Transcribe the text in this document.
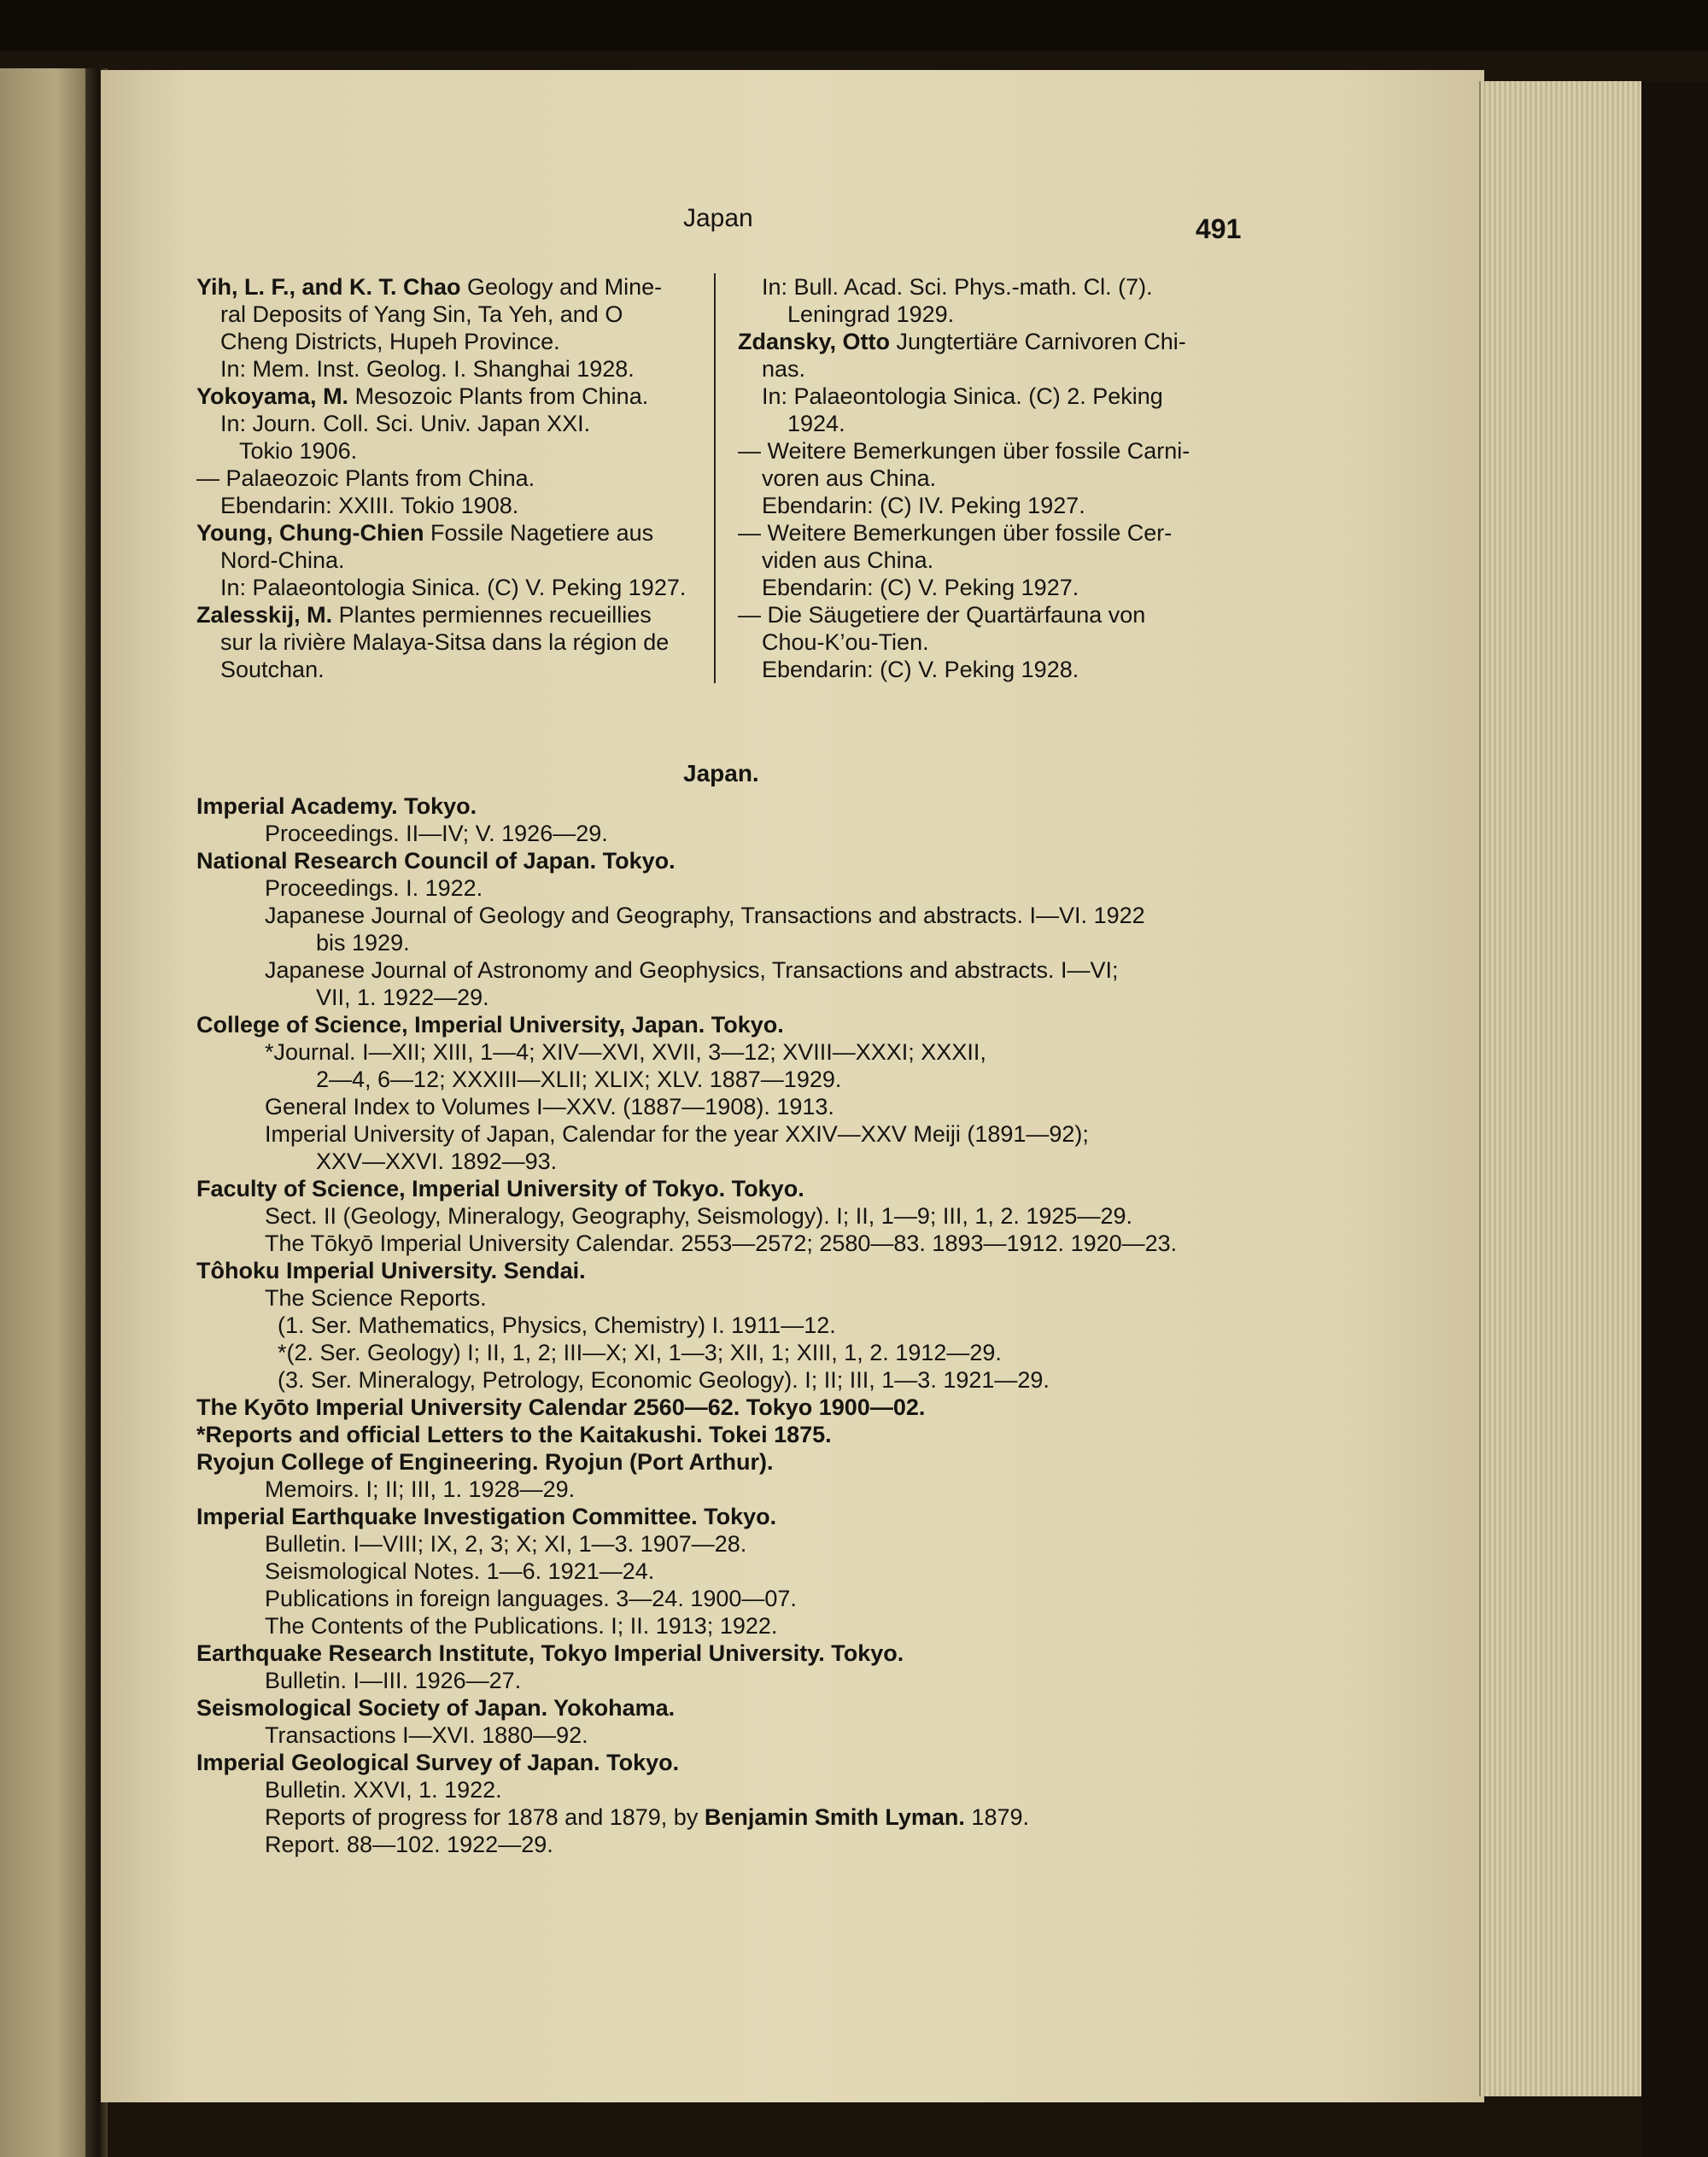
Japan	491
Yih, L. F., and K. T. Chao Geology and Mine-
ral Deposits of Yang Sin, Ta Yeh, and O
Cheng Districts, Hupeh Province.
In: Mem. Inst. Geolog. I. Shanghai 1928.
Yokoyama, M. Mesozoic Plants from China.
In: Journ. Coll. Sci. Univ. Japan XXI.
Tokio 1906.
— Palaeozoic Plants from China.
Ebendarin: XXIII. Tokio 1908.
Young, Chung-Chien Fossile Nagetiere aus
Nord-China.
In: Palaeontologia Sinica. (C) V. Peking 1927.
Zalesskij, M. Plantes permiennes recueillies
sur la rivière Malaya-Sitsa dans la région de
Soutchan.
In: Bull. Acad. Sci. Phys.-math. Cl. (7).
Leningrad 1929.
Zdansky, Otto Jungtertiäre Carnivoren Chi-
nas.
In: Palaeontologia Sinica. (C) 2. Peking
1924.
— Weitere Bemerkungen über fossile Carni-
voren aus China.
Ebendarin: (C) IV. Peking 1927.
— Weitere Bemerkungen über fossile Cer-
viden aus China.
Ebendarin: (C) V. Peking 1927.
— Die Säugetiere der Quartärfauna von
Chou-K’ou-Tien.
Ebendarin: (C) V. Peking 1928.
Japan.
Imperial Academy. Tokyo.
Proceedings. II—IV; V. 1926—29.
National Research Council of Japan. Tokyo.
Proceedings. I. 1922.
Japanese Journal of Geology and Geography, Transactions and abstracts. I—VI. 1922
bis 1929.
Japanese Journal of Astronomy and Geophysics, Transactions and abstracts. I—VI;
VII, 1. 1922—29.
College of Science, Imperial University, Japan. Tokyo.
*Journal. I—XII; XIII, 1—4; XIV—XVI, XVII, 3—12; XVIII—XXXI; XXXII,
2—4, 6—12; XXXIII—XLII; XLIX; XLV. 1887—1929.
General Index to Volumes I—XXV. (1887—1908). 1913.
Imperial University of Japan, Calendar for the year XXIV—XXV Meiji (1891—92);
XXV—XXVI. 1892—93.
Faculty of Science, Imperial University of Tokyo. Tokyo.
Sect. II (Geology, Mineralogy, Geography, Seismology). I; II, 1—9; III, 1, 2. 1925—29.
The Tōkyō Imperial University Calendar. 2553—2572; 2580—83. 1893—1912. 1920—23.
Tôhoku Imperial University. Sendai.
The Science Reports.
(1. Ser. Mathematics, Physics, Chemistry) I. 1911—12.
*(2. Ser. Geology) I; II, 1, 2; III—X; XI, 1—3; XII, 1; XIII, 1, 2. 1912—29.
(3. Ser. Mineralogy, Petrology, Economic Geology). I; II; III, 1—3. 1921—29.
The Kyōto Imperial University Calendar 2560—62. Tokyo 1900—02.
*Reports and official Letters to the Kaitakushi. Tokei 1875.
Ryojun College of Engineering. Ryojun (Port Arthur).
Memoirs. I; II; III, 1. 1928—29.
Imperial Earthquake Investigation Committee. Tokyo.
Bulletin. I—VIII; IX, 2, 3; X; XI, 1—3. 1907—28.
Seismological Notes. 1—6. 1921—24.
Publications in foreign languages. 3—24. 1900—07.
The Contents of the Publications. I; II. 1913; 1922.
Earthquake Research Institute, Tokyo Imperial University. Tokyo.
Bulletin. I—III. 1926—27.
Seismological Society of Japan. Yokohama.
Transactions I—XVI. 1880—92.
Imperial Geological Survey of Japan. Tokyo.
Bulletin. XXVI, 1. 1922.
Reports of progress for 1878 and 1879, by Benjamin Smith Lyman. 1879.
Report. 88—102. 1922—29.
